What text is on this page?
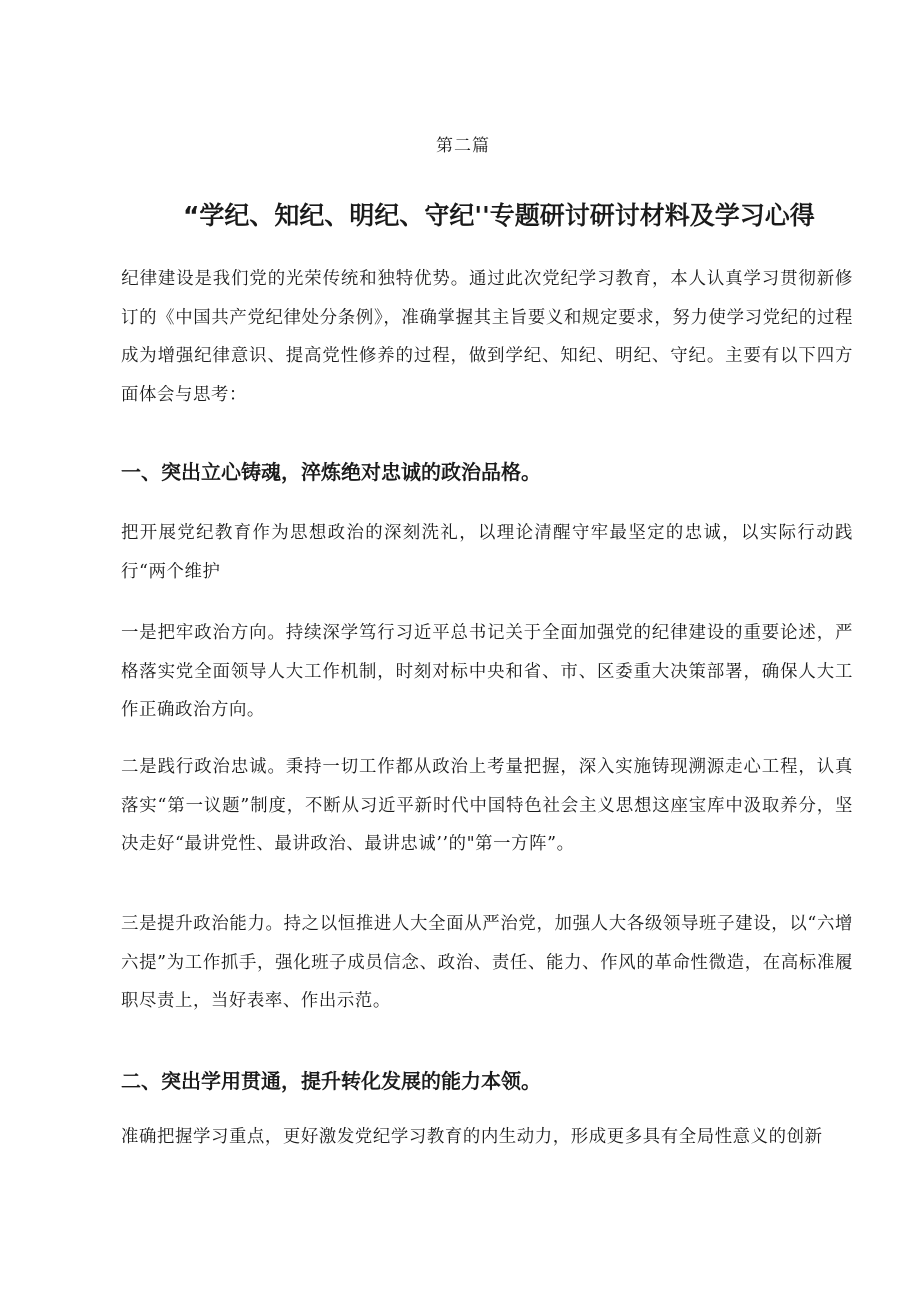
第二篇
“学纪、知纪、明纪、守纪''专题研讨研讨材料及学习心得

纪律建设是我们党的光荣传统和独特优势。通过此次党纪学习教育，本人认真学习贯彻新修订的《中国共产党纪律处分条例》，准确掌握其主旨要义和规定要求，努力使学习党纪的过程成为增强纪律意识、提高党性修养的过程，做到学纪、知纪、明纪、守纪。主要有以下四方面体会与思考：

一、突出立心铸魂，淬炼绝对忠诚的政治品格。

把开展党纪教育作为思想政治的深刻洗礼，以理论清醒守牢最坚定的忠诚，以实际行动践行“两个维护

一是把牢政治方向。持续深学笃行习近平总书记关于全面加强党的纪律建设的重要论述，严格落实党全面领导人大工作机制，时刻对标中央和省、市、区委重大决策部署，确保人大工作正确政治方向。

二是践行政治忠诚。秉持一切工作都从政治上考量把握，深入实施铸现溯源走心工程，认真落实“第一议题”制度，不断从习近平新时代中国特色社会主义思想这座宝库中汲取养分，坚决走好“最讲党性、最讲政治、最讲忠诚’’的"第一方阵”。

三是提升政治能力。持之以恒推进人大全面从严治党，加强人大各级领导班子建设，以“六增六提”为工作抓手，强化班子成员信念、政治、责任、能力、作风的革命性微造，在高标准履职尽责上，当好表率、作出示范。

二、突出学用贯通，提升转化发展的能力本领。

准确把握学习重点，更好激发党纪学习教育的内生动力，形成更多具有全局性意义的创新
